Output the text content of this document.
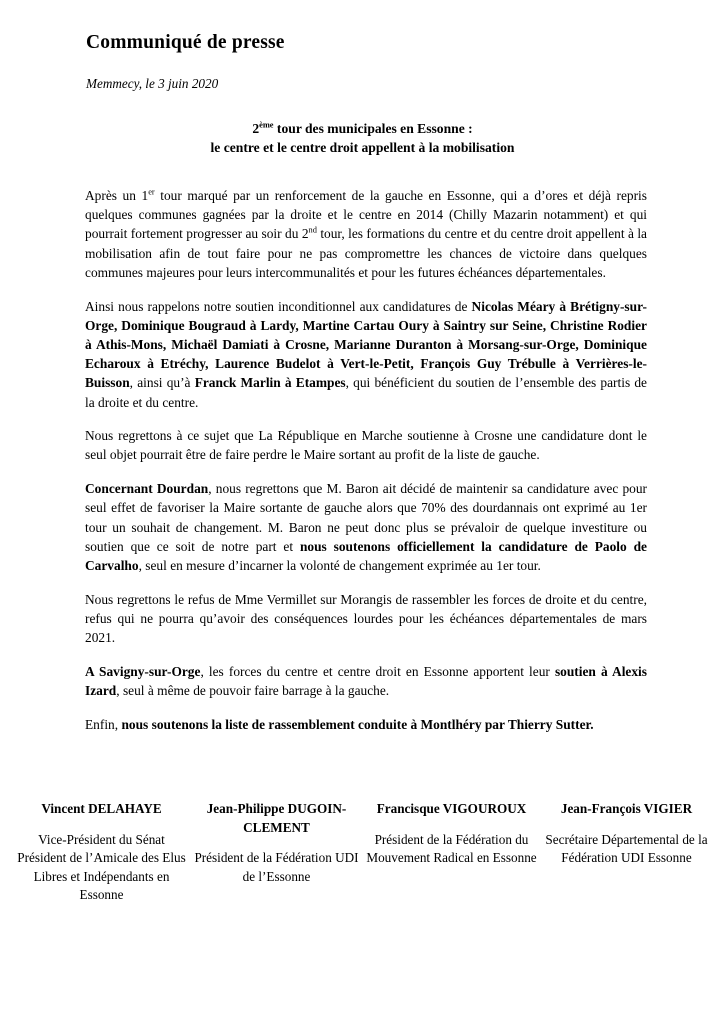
Communiqué de presse
Memmecy, le 3 juin 2020
2ème tour des municipales en Essonne :
le centre et le centre droit appellent à la mobilisation

Après un 1er tour marqué par un renforcement de la gauche en Essonne, qui a d’ores et déjà repris quelques communes gagnées par la droite et le centre en 2014 (Chilly Mazarin notamment) et qui pourrait fortement progresser au soir du 2nd tour, les formations du centre et du centre droit appellent à la mobilisation afin de tout faire pour ne pas compromettre les chances de victoire dans quelques communes majeures pour leurs intercommunalités et pour les futures échéances départementales.

Ainsi nous rappelons notre soutien inconditionnel aux candidatures de Nicolas Méary à Brétigny-sur-Orge, Dominique Bougraud à Lardy, Martine Cartau Oury à Saintry sur Seine, Christine Rodier à Athis-Mons, Michaël Damiati à Crosne, Marianne Duranton à Morsang-sur-Orge, Dominique Echaroux à Etréchy, Laurence Budelot à Vert-le-Petit, François Guy Trébulle à Verrières-le-Buisson, ainsi qu’à Franck Marlin à Etampes, qui bénéficient du soutien de l’ensemble des partis de la droite et du centre.

Nous regrettons à ce sujet que La République en Marche soutienne à Crosne une candidature dont le seul objet pourrait être de faire perdre le Maire sortant au profit de la liste de gauche.

Concernant Dourdan, nous regrettons que M. Baron ait décidé de maintenir sa candidature avec pour seul effet de favoriser la Maire sortante de gauche alors que 70% des dourdannais ont exprimé au 1er tour un souhait de changement. M. Baron ne peut donc plus se prévaloir de quelque investiture ou soutien que ce soit de notre part et nous soutenons officiellement la candidature de Paolo de Carvalho, seul en mesure d’incarner la volonté de changement exprimée au 1er tour.

Nous regrettons le refus de Mme Vermillet sur Morangis de rassembler les forces de droite et du centre, refus qui ne pourra qu’avoir des conséquences lourdes pour les échéances départementales de mars 2021.

A Savigny-sur-Orge, les forces du centre et centre droit en Essonne apportent leur soutien à Alexis Izard, seul à même de pouvoir faire barrage à la gauche.

Enfin, nous soutenons la liste de rassemblement conduite à Montlhéry par Thierry Sutter.

Vincent DELAHAYE
Vice-Président du Sénat Président de l’Amicale des Elus Libres et Indépendants en Essonne
Jean-Philippe DUGOIN-CLEMENT
Président de la Fédération UDI de l’Essonne
Francisque VIGOUROUX
Président de la Fédération du Mouvement Radical en Essonne
Jean-François VIGIER
Secrétaire Départemental de la Fédération UDI Essonne
